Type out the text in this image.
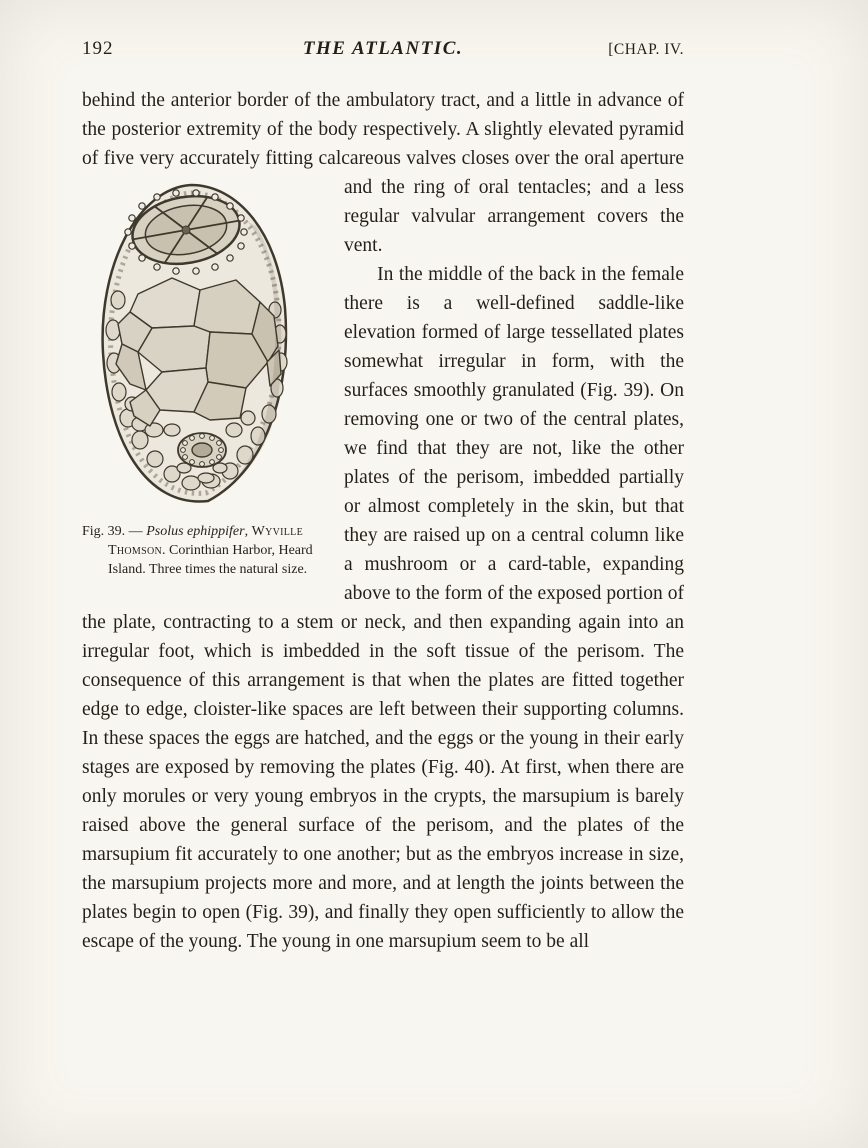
192	THE ATLANTIC.	[CHAP. IV.

behind the anterior border of the ambulatory tract, and a little in advance of the posterior extremity of the body respectively. A slightly elevated pyramid of five very accurately fitting calcareous valves closes over the oral aperture and the ring of oral
Fig. 39. — Psolus ephippifer, Wyville Thomson. Corinthian Harbor, Heard Island. Three times the natural size.
tentacles; and a less regular valvular arrangement covers the vent.

In the middle of the back in the female there is a well-defined saddle-like elevation formed of large tessellated plates somewhat irregular in form, with the surfaces smoothly granulated (Fig. 39). On removing one or two of the central plates, we find that they are not, like the other plates of the perisom, imbedded partially or almost completely in the skin, but that they are raised up on a central column like a mushroom or a card-table, expanding above to the form of the exposed portion of the plate, contracting to a stem or neck, and then expanding again into an irregular foot, which is imbedded in the soft tissue of the perisom. The consequence of this arrangement is that when the plates are fitted together edge to edge, cloister-like spaces are left between their supporting columns. In these spaces the eggs are hatched, and the eggs or the young in their early stages are exposed by removing the plates (Fig. 40). At first, when there are only morules or very young embryos in the crypts, the marsupium is barely raised above the general surface of the perisom, and the plates of the marsupium fit accurately to one another; but as the embryos increase in size, the marsupium projects more and more, and at length the joints between the plates begin to open (Fig. 39), and finally they open sufficiently to allow the escape of the young. The young in one marsupium seem to be all
